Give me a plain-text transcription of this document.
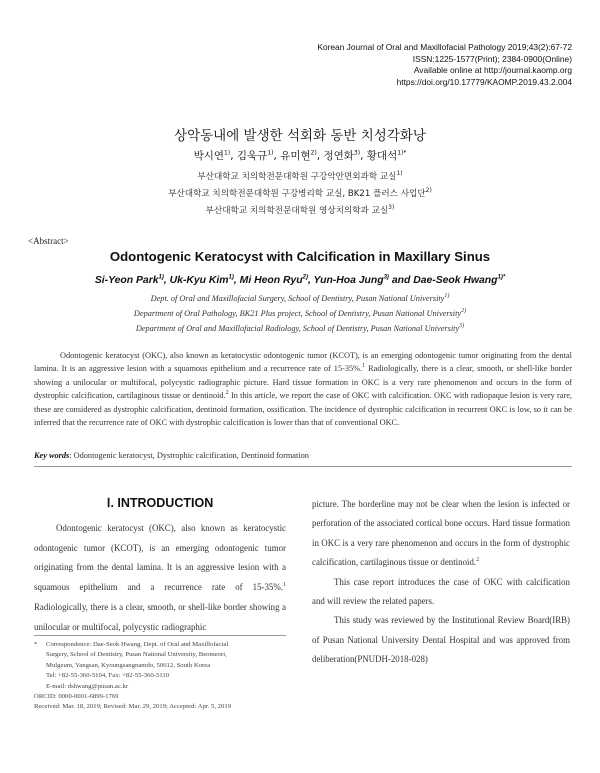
Korean Journal of Oral and Maxillofacial Pathology 2019;43(2):67-72
ISSN:1225-1577(Print); 2384-0900(Online)
Available online at http://journal.kaomp.org
https://doi.org/10.17779/KAOMP.2019.43.2.004
상악동내에 발생한 석회화 동반 치성각화낭
박시연$^{1)}$, 김욱규$^{1)}$, 유미현$^{2)}$, 정연화$^{3)}$, 황대석$^{1)*}$
부산대학교 치의학전문대학원 구강악안면외과학 교실$^{1)}$
부산대학교 치의학전문대학원 구강병리학 교실, BK21 플러스 사업단$^{2)}$
부산대학교 치의학전문대학원 영상치의학과 교실$^{3)}$
<Abstract>
Odontogenic Keratocyst with Calcification in Maxillary Sinus
Si-Yeon Park$^{1)}$, Uk-Kyu Kim$^{1)}$, Mi Heon Ryu$^{2)}$, Yun-Hoa Jung$^{3)}$ and Dae-Seok Hwang$^{1)*}$
Dept. of Oral and Maxillofacial Surgery, School of Dentistry, Pusan National University$^{1)}$
Department of Oral Pathology, BK21 Plus project, School of Dentistry, Pusan National University$^{2)}$
Department of Oral and Maxillofacial Radiology, School of Dentistry, Pusan National University$^{3)}$
Odontogenic keratocyst (OKC), also known as keratocystic odontogenic tumor (KCOT), is an emerging odontogenic tumor originating from the dental lamina. It is an aggressive lesion with a squamous epithelium and a recurrence rate of 15-35%.$^1$ Radiologically, there is a clear, smooth, or shell-like border showing a unilocular or multifocal, polycystic radiographic picture. Hard tissue formation in OKC is a very rare phenomenon and occurs in the form of dystrophic calcification, cartilaginous tissue or dentinoid.$^2$ In this article, we report the case of OKC with calcification. OKC with radiopaque lesion is very rare, these are considered as dystrophic calcification, dentinoid formation, ossification. The incidence of dystrophic calcification in recurrent OKC is low, so it can be inferred that the recurrence rate of OKC with dystrophic calcification is lower than that of conventional OKC.
Key words: Odontogenic keratocyst, Dystrophic calcification, Dentinoid formation
Ⅰ. INTRODUCTION

Odontogenic keratocyst (OKC), also known as keratocystic odontogenic tumor (KCOT), is an emerging odontogenic tumor originating from the dental lamina. It is an aggressive lesion with a squamous epithelium and a recurrence rate of 15-35%.$^1$ Radiologically, there is a clear, smooth, or shell-like border showing a unilocular or multifocal, polycystic radiographic

*	Correspondence: Dae-Seok Hwang, Dept. of Oral and Maxillofacial
Surgery, School of Dentistry, Pusan National University, Beomeori,
Mulgeum, Yangsan, Kyoungsangnamdo, 50612, South Korea
Tel: +82-55-360-5104, Fax: +82-55-360-5110
E-mail: dshwang@pusan.ac.kr
ORCID: 0000-0001-6899-1769
Received: Mar. 18, 2019; Revised: Mar. 29, 2019; Accepted: Apr. 5, 2019

picture. The borderline may not be clear when the lesion is infected or perforation of the associated cortical bone occurs. Hard tissue formation in OKC is a very rare phenomenon and occurs in the form of dystrophic calcification, cartilaginous tissue or dentinoid.$^2$

This case report introduces the case of OKC with calcification and will review the related papers.

This study was reviewed by the Institutional Review Board(IRB) of Pusan National University Dental Hospital and was approved from deliberation(PNUDH-2018-028)
